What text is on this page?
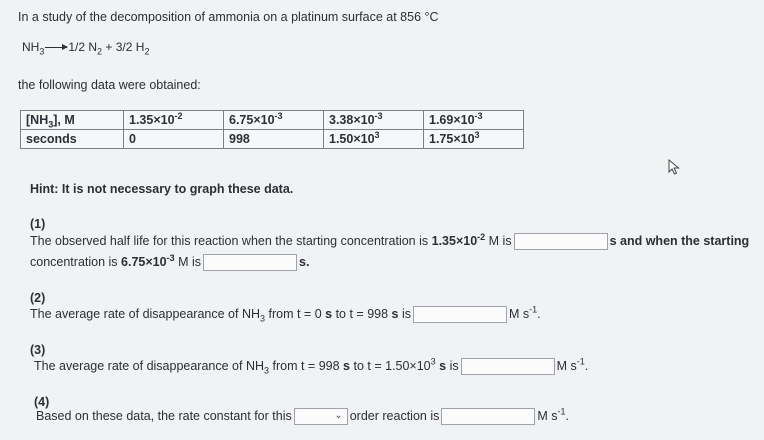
In a study of the decomposition of ammonia on a platinum surface at 856 °C
$NH_3\to 1/2$ $N_2 + 3/2$ $H_2$
the following data were obtained:
$[NH_3]$, M	$1.35\times 10^{-2}$	$6.75\times 10^{-3}$	$3.38\times 10^{-3}$	$1.69\times 10^{-3}$
seconds	0	998	$1.50\times 10^3$	$1.75\times 10^3$
Hint: It is not necessary to graph these data.
(1)
The observed half life for this reaction when the starting concentration is $1.35\times 10^{-2}$ M is	s and when the starting
concentration is $6.75\times 10^{-3}$ M is	s.
(2)
The average rate of disappearance of $NH_3$ from t = 0 s to t = 998 s is	M $s^{-1}$.
(3)
The average rate of disappearance of $NH_3$ from t = 998 s to $t = 1.50\times 10^3$ s is	M $s^{-1}$.
(4)
Based on these data, the rate constant for this	⌄ order reaction is	M $s^{-1}$.
